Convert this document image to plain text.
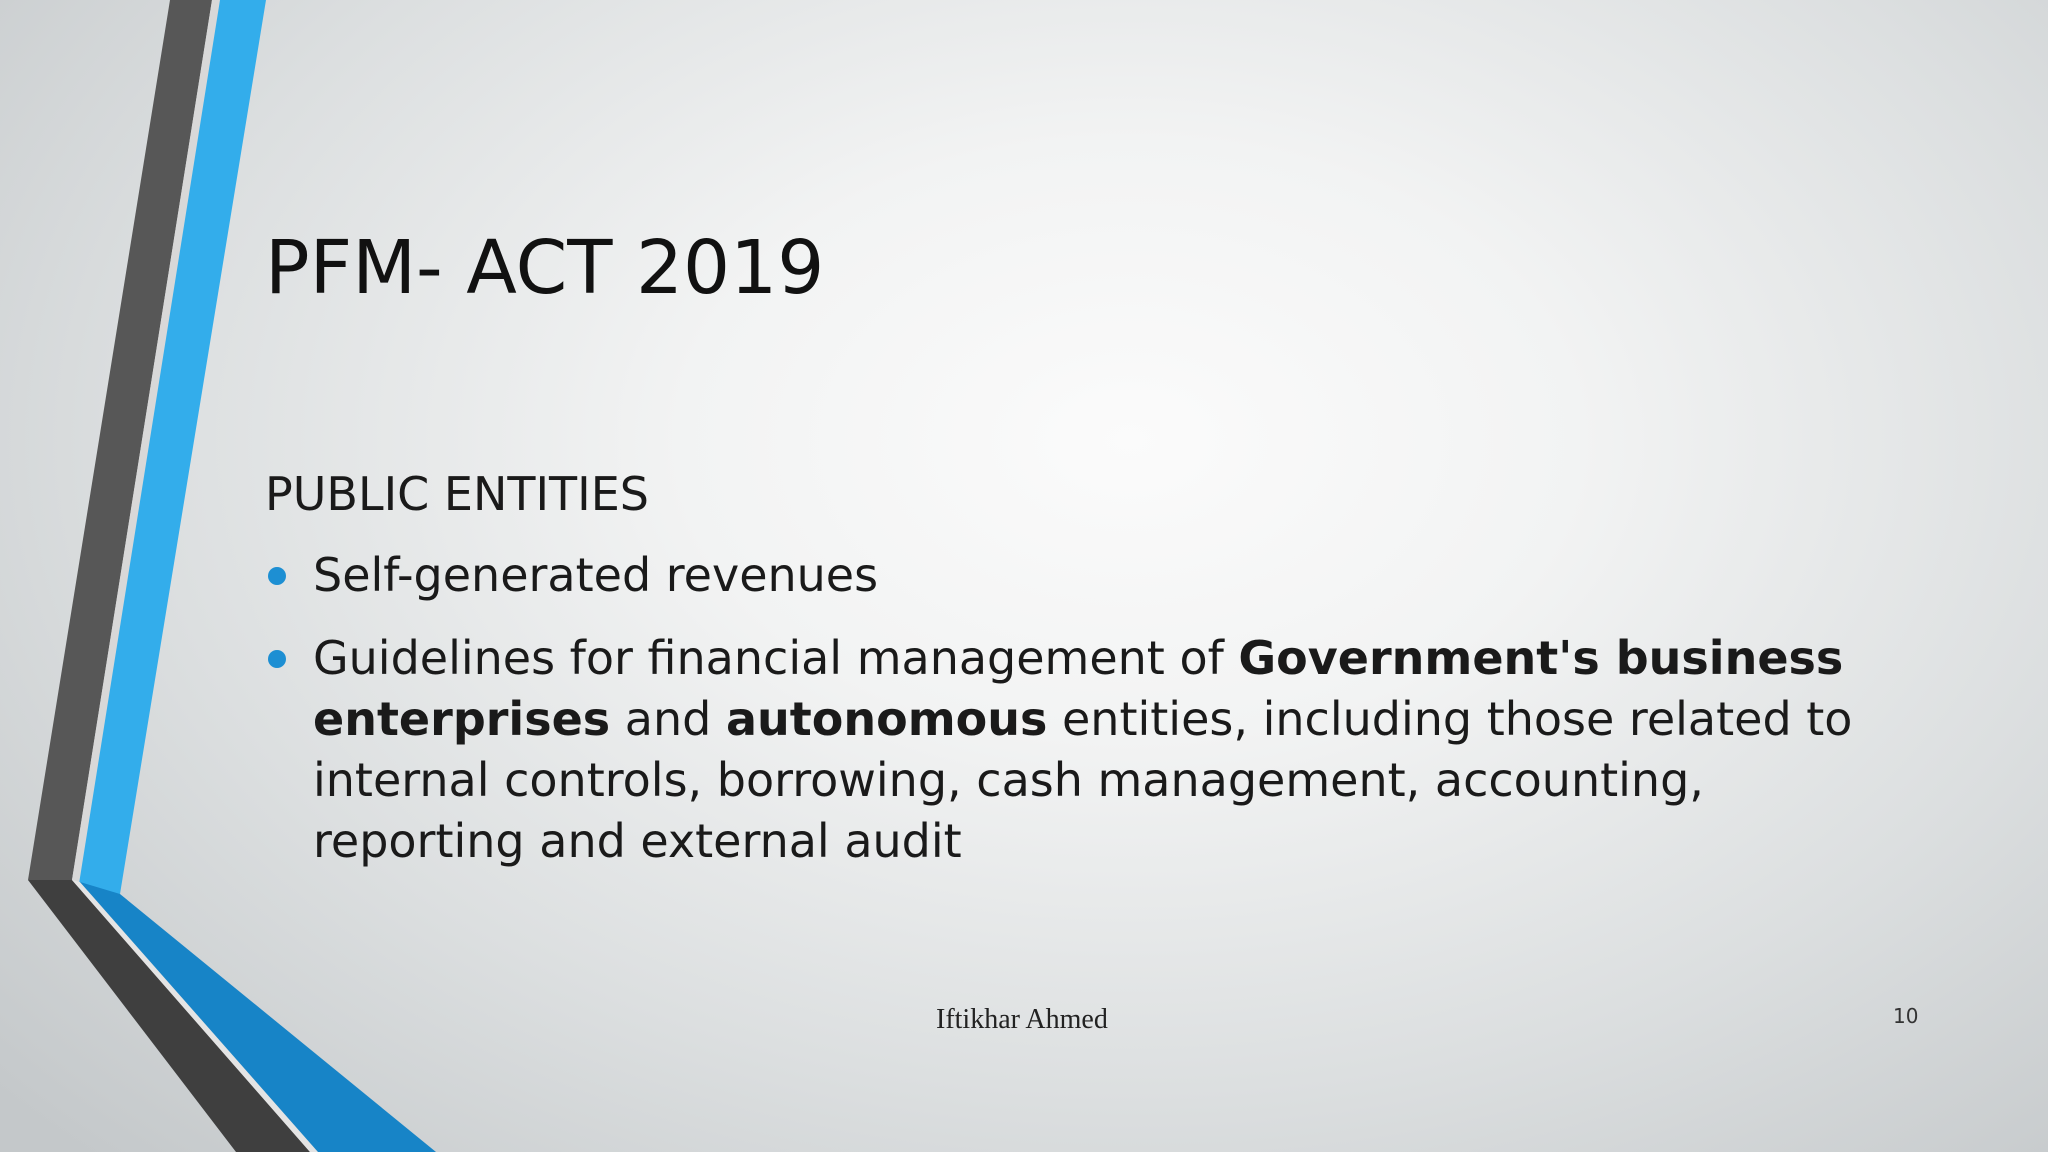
PFM- ACT 2019
PUBLIC ENTITIES
Self-generated revenues
Guidelines for financial management of Government's business enterprises and autonomous entities, including those related to internal controls, borrowing, cash management, accounting, reporting and external audit
Iftikhar Ahmed	10
